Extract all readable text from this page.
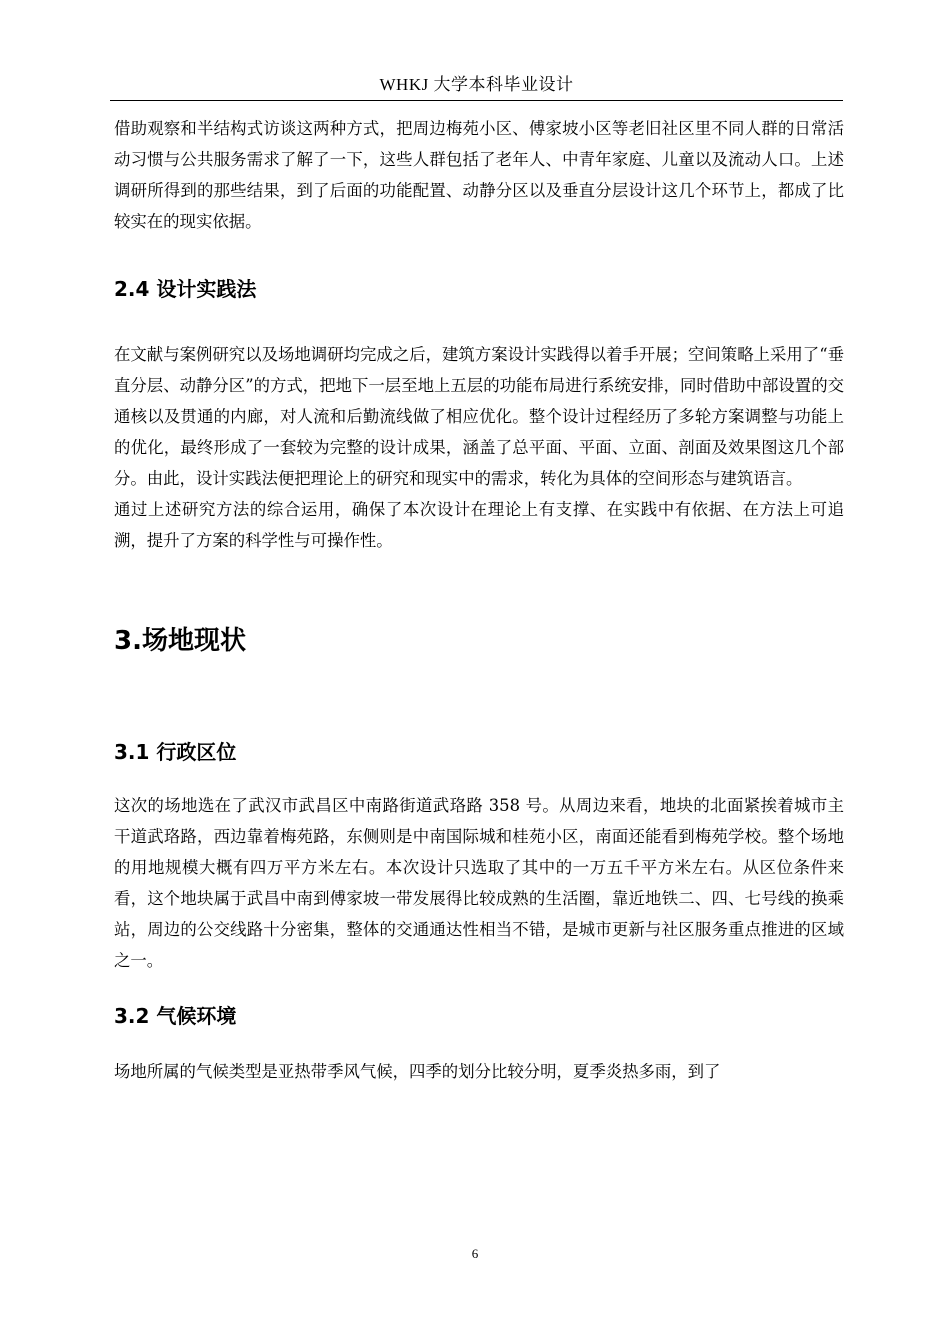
WHKJ 大学本科毕业设计

借助观察和半结构式访谈这两种方式，把周边梅苑小区、傅家坡小区等老旧社区里不同人群的日常活动习惯与公共服务需求了解了一下，这些人群包括了老年人、中青年家庭、儿童以及流动人口。上述调研所得到的那些结果，到了后面的功能配置、动静分区以及垂直分层设计这几个环节上，都成了比较实在的现实依据。

2.4 设计实践法

在文献与案例研究以及场地调研均完成之后，建筑方案设计实践得以着手开展；空间策略上采用了“垂直分层、动静分区”的方式，把地下一层至地上五层的功能布局进行系统安排，同时借助中部设置的交通核以及贯通的内廊，对人流和后勤流线做了相应优化。整个设计过程经历了多轮方案调整与功能上的优化，最终形成了一套较为完整的设计成果，涵盖了总平面、平面、立面、剖面及效果图这几个部分。由此，设计实践法便把理论上的研究和现实中的需求，转化为具体的空间形态与建筑语言。

通过上述研究方法的综合运用，确保了本次设计在理论上有支撑、在实践中有依据、在方法上可追溯，提升了方案的科学性与可操作性。

3.场地现状
3.1 行政区位

这次的场地选在了武汉市武昌区中南路街道武珞路 358 号。从周边来看，地块的北面紧挨着城市主干道武珞路，西边靠着梅苑路，东侧则是中南国际城和桂苑小区，南面还能看到梅苑学校。整个场地的用地规模大概有四万平方米左右。本次设计只选取了其中的一万五千平方米左右。从区位条件来看，这个地块属于武昌中南到傅家坡一带发展得比较成熟的生活圈，靠近地铁二、四、七号线的换乘站，周边的公交线路十分密集，整体的交通通达性相当不错，是城市更新与社区服务重点推进的区域之一。

3.2 气候环境

场地所属的气候类型是亚热带季风气候，四季的划分比较分明，夏季炎热多雨，到了

6
